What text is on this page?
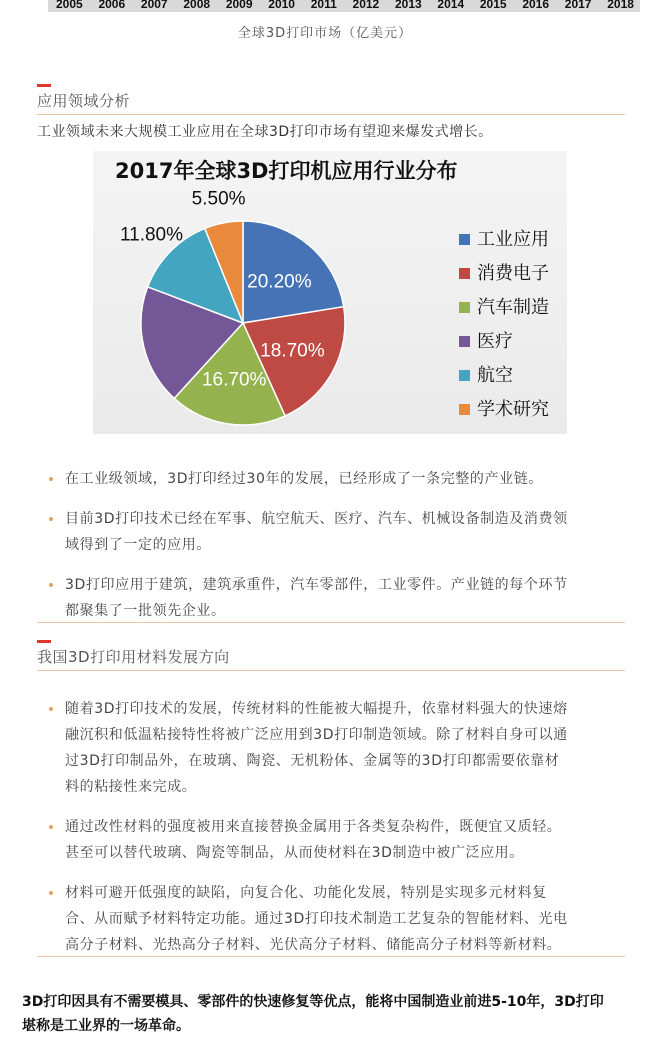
2005 2006 2007 2008 2009 2010 2011 2012 2013 2014 2015 2016 2017 2018
全球3D打印市场（亿美元）
应用领域分析
工业领域未来大规模工业应用在全球3D打印市场有望迎来爆发式增长。
2017年全球3D打印机应用行业分布
20.20%
18.70%
16.70%
11.80%
5.50%
工业应用
消费电子
汽车制造
医疗
航空
学术研究
在工业级领域，3D打印经过30年的发展，已经形成了一条完整的产业链。
目前3D打印技术已经在军事、航空航天、医疗、汽车、机械设备制造及消费领
域得到了一定的应用。
3D打印应用于建筑，建筑承重件，汽车零部件，工业零件。产业链的每个环节
都聚集了一批领先企业。
我国3D打印用材料发展方向
随着3D打印技术的发展，传统材料的性能被大幅提升，依靠材料强大的快速熔
融沉积和低温粘接特性将被广泛应用到3D打印制造领域。除了材料自身可以通
过3D打印制品外，在玻璃、陶瓷、无机粉体、金属等的3D打印都需要依靠材
料的粘接性来完成。
通过改性材料的强度被用来直接替换金属用于各类复杂构件，既便宜又质轻。
甚至可以替代玻璃、陶瓷等制品，从而使材料在3D制造中被广泛应用。
材料可避开低强度的缺陷，向复合化、功能化发展，特别是实现多元材料复
合、从而赋予材料特定功能。通过3D打印技术制造工艺复杂的智能材料、光电
高分子材料、光热高分子材料、光伏高分子材料、储能高分子材料等新材料。
3D打印因具有不需要模具、零部件的快速修复等优点，能将中国制造业前进5-10年，3D打印
堪称是工业界的一场革命。
